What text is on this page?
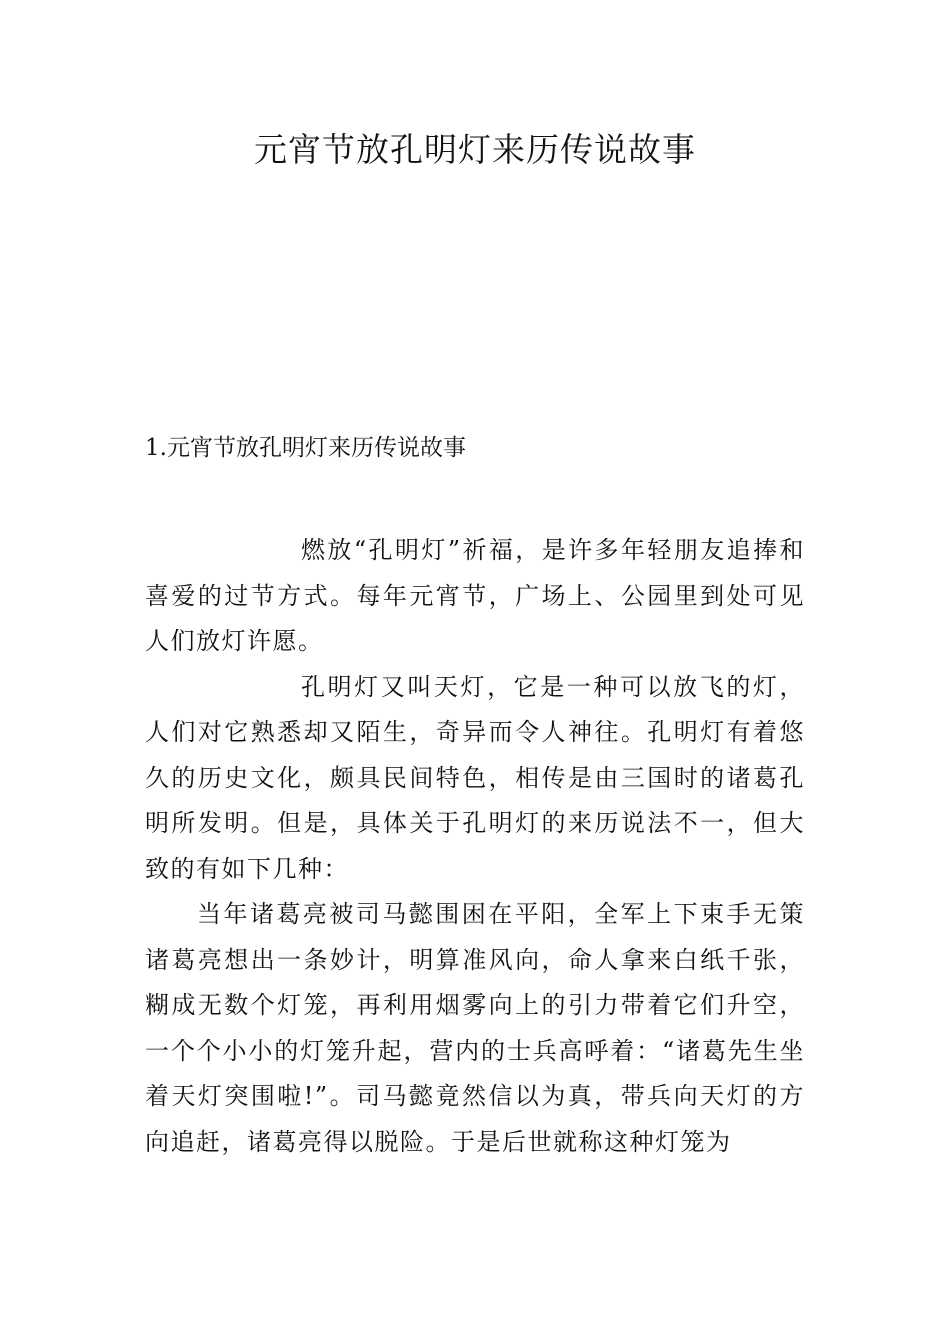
元宵节放孔明灯来历传说故事
1.元宵节放孔明灯来历传说故事

燃放“孔明灯”祈福，是许多年轻朋友追捧和喜爱的过节方式。每年元宵节，广场上、公园里到处可见人们放灯许愿。

孔明灯又叫天灯，它是一种可以放飞的灯，人们对它熟悉却又陌生，奇异而令人神往。孔明灯有着悠久的历史文化，颇具民间特色，相传是由三国时的诸葛孔明所发明。但是，具体关于孔明灯的来历说法不一，但大致的有如下几种：

当年诸葛亮被司马懿围困在平阳，全军上下束手无策诸葛亮想出一条妙计，明算准风向，命人拿来白纸千张，糊成无数个灯笼，再利用烟雾向上的引力带着它们升空，一个个小小的灯笼升起，营内的士兵高呼着：“诸葛先生坐着天灯突围啦!”。司马懿竟然信以为真，带兵向天灯的方向追赶，诸葛亮得以脱险。于是后世就称这种灯笼为
